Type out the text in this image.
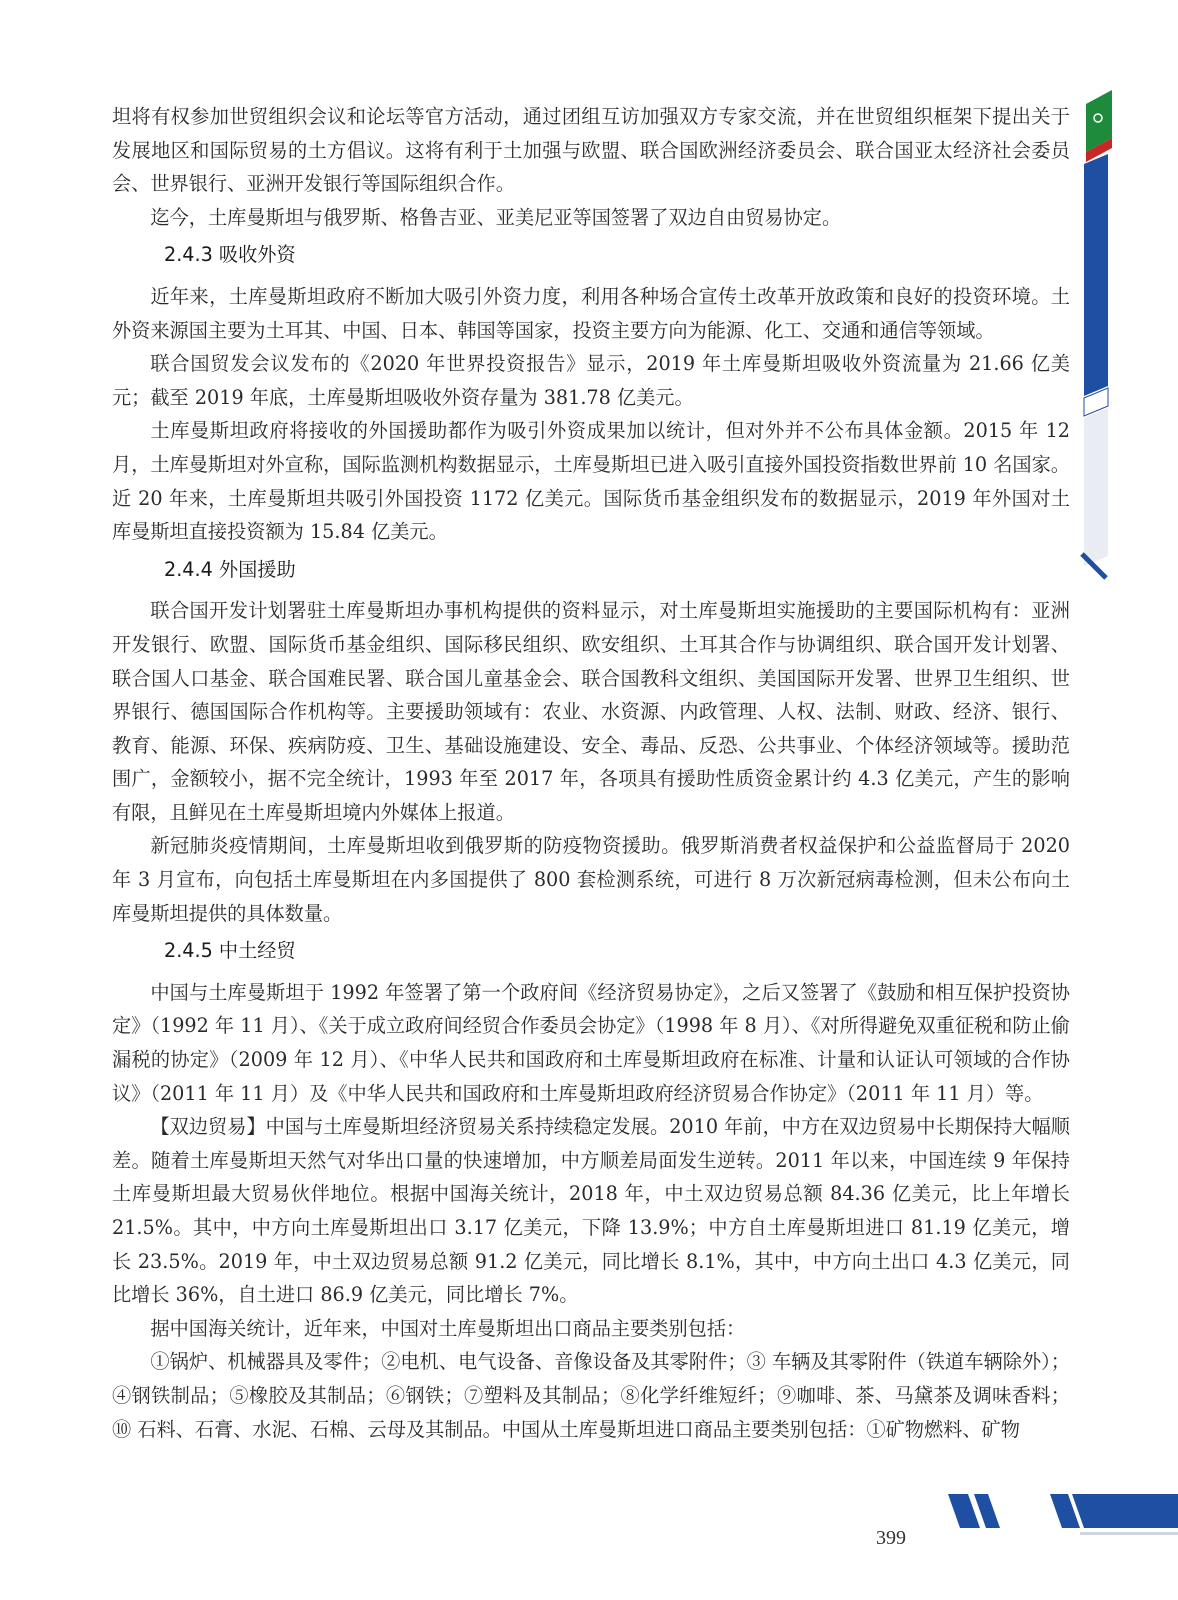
坦将有权参加世贸组织会议和论坛等官方活动，通过团组互访加强双方专家交流，并在世贸组织框架下提出关于发展地区和国际贸易的土方倡议。这将有利于土加强与欧盟、联合国欧洲经济委员会、联合国亚太经济社会委员会、世界银行、亚洲开发银行等国际组织合作。

迄今，土库曼斯坦与俄罗斯、格鲁吉亚、亚美尼亚等国签署了双边自由贸易协定。

2.4.3 吸收外资

近年来，土库曼斯坦政府不断加大吸引外资力度，利用各种场合宣传土改革开放政策和良好的投资环境。土外资来源国主要为土耳其、中国、日本、韩国等国家，投资主要方向为能源、化工、交通和通信等领域。

联合国贸发会议发布的《2020 年世界投资报告》显示，2019 年土库曼斯坦吸收外资流量为 21.66 亿美元；截至 2019 年底，土库曼斯坦吸收外资存量为 381.78 亿美元。

土库曼斯坦政府将接收的外国援助都作为吸引外资成果加以统计，但对外并不公布具体金额。2015 年 12 月，土库曼斯坦对外宣称，国际监测机构数据显示，土库曼斯坦已进入吸引直接外国投资指数世界前 10 名国家。近 20 年来，土库曼斯坦共吸引外国投资 1172 亿美元。国际货币基金组织发布的数据显示，2019 年外国对土库曼斯坦直接投资额为 15.84 亿美元。

2.4.4 外国援助

联合国开发计划署驻土库曼斯坦办事机构提供的资料显示，对土库曼斯坦实施援助的主要国际机构有：亚洲开发银行、欧盟、国际货币基金组织、国际移民组织、欧安组织、土耳其合作与协调组织、联合国开发计划署、联合国人口基金、联合国难民署、联合国儿童基金会、联合国教科文组织、美国国际开发署、世界卫生组织、世界银行、德国国际合作机构等。主要援助领域有：农业、水资源、内政管理、人权、法制、财政、经济、银行、教育、能源、环保、疾病防疫、卫生、基础设施建设、安全、毒品、反恐、公共事业、个体经济领域等。援助范围广，金额较小，据不完全统计，1993 年至 2017 年，各项具有援助性质资金累计约 4.3 亿美元，产生的影响有限，且鲜见在土库曼斯坦境内外媒体上报道。

新冠肺炎疫情期间，土库曼斯坦收到俄罗斯的防疫物资援助。俄罗斯消费者权益保护和公益监督局于 2020 年 3 月宣布，向包括土库曼斯坦在内多国提供了 800 套检测系统，可进行 8 万次新冠病毒检测，但未公布向土库曼斯坦提供的具体数量。

2.4.5 中土经贸

中国与土库曼斯坦于 1992 年签署了第一个政府间《经济贸易协定》，之后又签署了《鼓励和相互保护投资协定》（1992 年 11 月）、《关于成立政府间经贸合作委员会协定》（1998 年 8 月）、《对所得避免双重征税和防止偷漏税的协定》（2009 年 12 月）、《中华人民共和国政府和土库曼斯坦政府在标准、计量和认证认可领域的合作协议》（2011 年 11 月）及《中华人民共和国政府和土库曼斯坦政府经济贸易合作协定》（2011 年 11 月）等。

【双边贸易】中国与土库曼斯坦经济贸易关系持续稳定发展。2010 年前，中方在双边贸易中长期保持大幅顺差。随着土库曼斯坦天然气对华出口量的快速增加，中方顺差局面发生逆转。2011 年以来，中国连续 9 年保持土库曼斯坦最大贸易伙伴地位。根据中国海关统计，2018 年，中土双边贸易总额 84.36 亿美元，比上年增长 21.5%。其中，中方向土库曼斯坦出口 3.17 亿美元，下降 13.9%；中方自土库曼斯坦进口 81.19 亿美元，增长 23.5%。2019 年，中土双边贸易总额 91.2 亿美元，同比增长 8.1%，其中，中方向土出口 4.3 亿美元，同比增长 36%，自土进口 86.9 亿美元，同比增长 7%。

据中国海关统计，近年来，中国对土库曼斯坦出口商品主要类别包括：

①锅炉、机械器具及零件；②电机、电气设备、音像设备及其零附件；③ 车辆及其零附件（铁道车辆除外）；④钢铁制品；⑤橡胶及其制品；⑥钢铁；⑦塑料及其制品；⑧化学纤维短纤；⑨咖啡、茶、马黛茶及调味香料；⑩ 石料、石膏、水泥、石棉、云母及其制品。中国从土库曼斯坦进口商品主要类别包括：①矿物燃料、矿物

399
